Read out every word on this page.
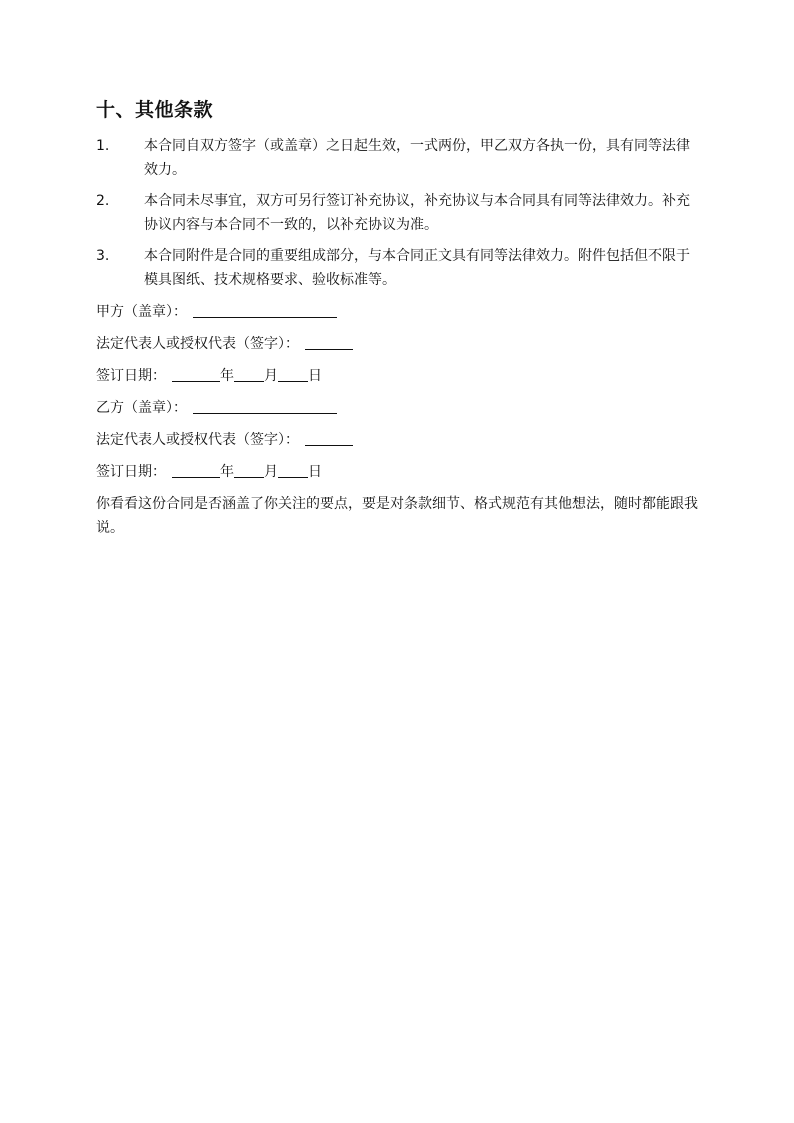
十、其他条款
1.	本合同自双方签字（或盖章）之日起生效，一式两份，甲乙双方各执一份，具有同等法律效力。
2.	本合同未尽事宜，双方可另行签订补充协议，补充协议与本合同具有同等法律效力。补充协议内容与本合同不一致的，以补充协议为准。
3.	本合同附件是合同的重要组成部分，与本合同正文具有同等法律效力。附件包括但不限于模具图纸、技术规格要求、验收标准等。
甲方（盖章）：
法定代表人或授权代表（签字）：
签订日期：	年 月 日
乙方（盖章）：
法定代表人或授权代表（签字）：
签订日期：	年 月 日
你看看这份合同是否涵盖了你关注的要点，要是对条款细节、格式规范有其他想法，随时都能跟我说。
